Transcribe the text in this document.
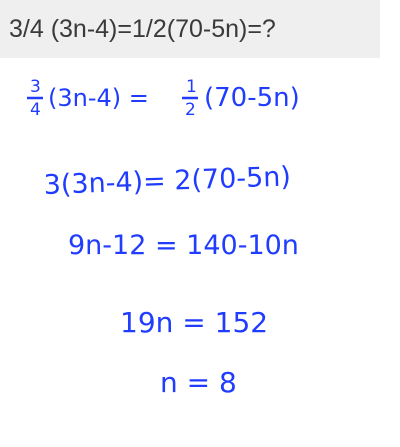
3/4 (3n-4)=1/2(70-5n)=?
3
4 (3n-4) = 1
2 (70-5n)
3(3n-4)= 2(70-5n)
9n-12 = 140-10n
19n = 152
n = 8
